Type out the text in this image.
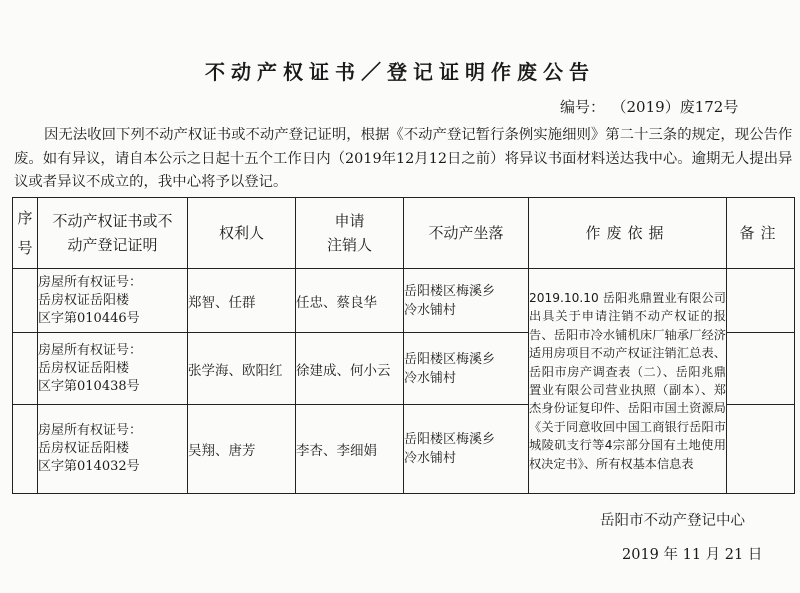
不动产权证书／登记证明作废公告
编号： （2019）废172号
因无法收回下列不动产权证书或不动产登记证明，根据《不动产登记暂行条例实施细则》第二十三条的规定，现公告作废。如有异议，请自本公示之日起十五个工作日内（2019年12月12日之前）将异议书面材料送达我中心。逾期无人提出异议或者异议不成立的，我中心将予以登记。
序
号	不动产权证书或不
动产登记证明	权利人	申请
注销人	不动产坐落	作废依据	备注

	房屋所有权证号：
岳房权证岳阳楼
区字第010446号	郑智、任群	任忠、蔡良华	岳阳楼区梅溪乡
冷水铺村	2019.10.10 岳阳兆鼎置业有限公司出具关于申请注销不动产权证的报告、岳阳市冷水铺机床厂轴承厂经济适用房项目不动产权证注销汇总表、岳阳市房产调查表（二）、岳阳兆鼎置业有限公司营业执照（副本）、郑杰身份证复印件、岳阳市国土资源局《关于同意收回中国工商银行岳阳市城陵矶支行等4宗部分国有土地使用权决定书》、所有权基本信息表	

	房屋所有权证号：
岳房权证岳阳楼
区字第010438号	张学海、欧阳红	徐建成、何小云	岳阳楼区梅溪乡
冷水铺村		

	房屋所有权证号：
岳房权证岳阳楼
区字第014032号	吴翔、唐芳	李杏、李细娟	岳阳楼区梅溪乡
冷水铺村		

岳阳市不动产登记中心
2019 年 11 月 21 日
